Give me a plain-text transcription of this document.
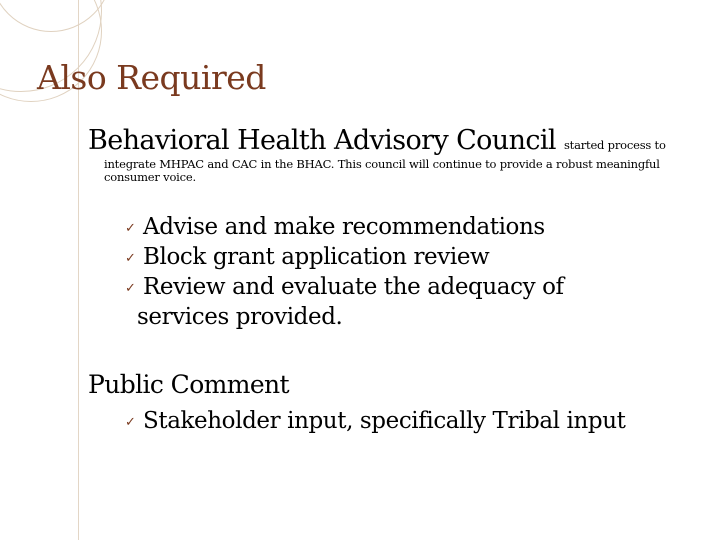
Also Required
Behavioral Health Advisory Council started process to
integrate MHPAC and CAC in the BHAC. This council will continue to provide a robust meaningful consumer voice.
✓ Advise and make recommendations
✓ Block grant application review
✓ Review and evaluate the adequacy of
services provided.
Public Comment
✓ Stakeholder input, specifically Tribal input
